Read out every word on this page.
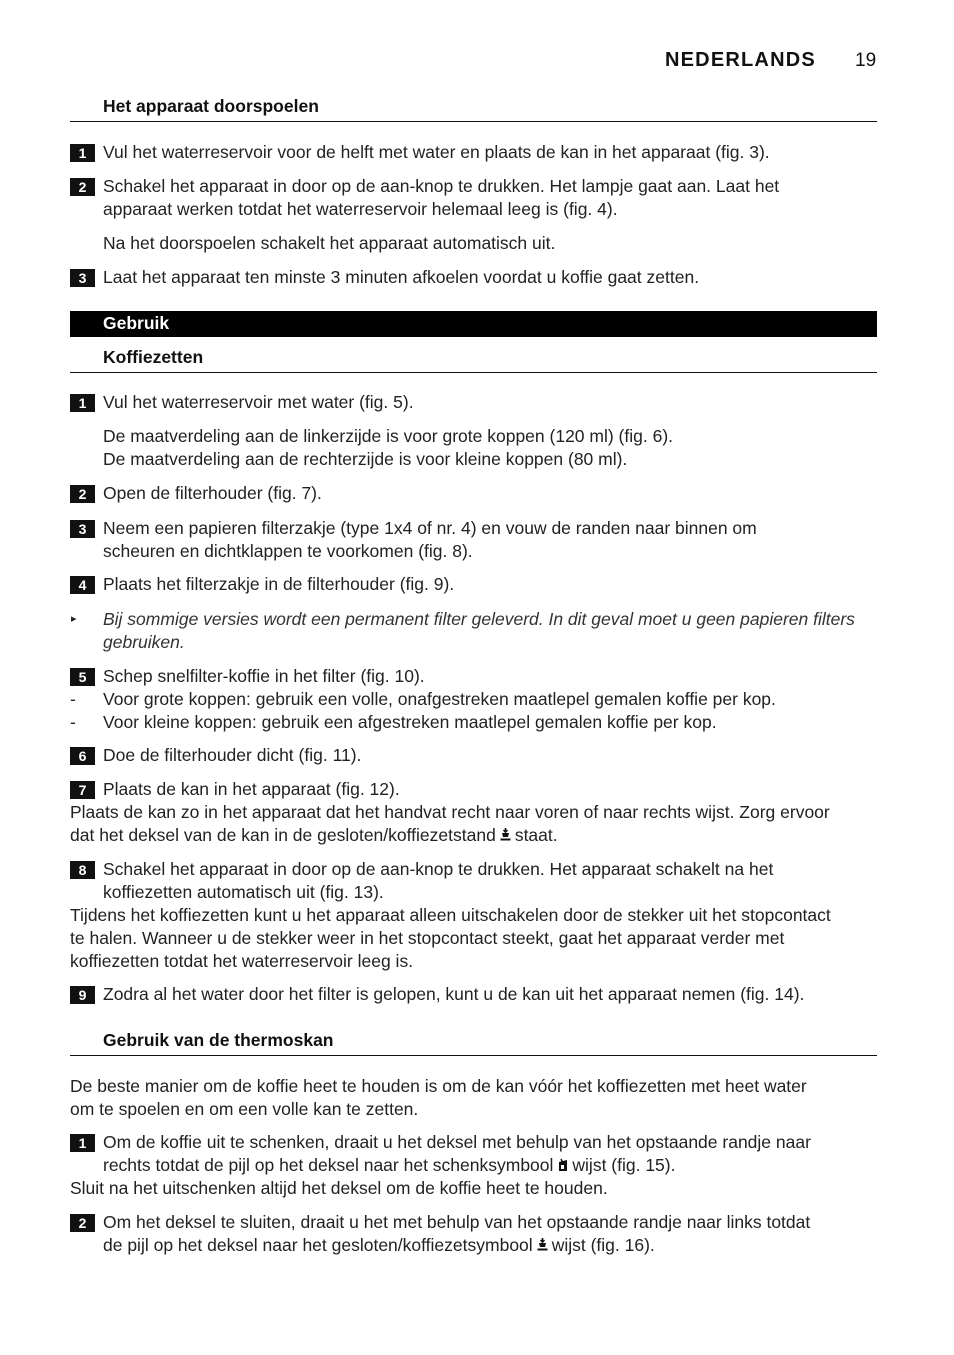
NEDERLANDS 19
Het apparaat doorspoelen
1 Vul het waterreservoir voor de helft met water en plaats de kan in het apparaat (fig. 3).
2 Schakel het apparaat in door op de aan-knop te drukken. Het lampje gaat aan. Laat het
apparaat werken totdat het waterreservoir helemaal leeg is (fig. 4).
Na het doorspoelen schakelt het apparaat automatisch uit.
3 Laat het apparaat ten minste 3 minuten afkoelen voordat u koffie gaat zetten.
Gebruik
Koffiezetten
1 Vul het waterreservoir met water (fig. 5).
De maatverdeling aan de linkerzijde is voor grote koppen (120 ml) (fig. 6).
De maatverdeling aan de rechterzijde is voor kleine koppen (80 ml).
2 Open de filterhouder (fig. 7).
3 Neem een papieren filterzakje (type 1x4 of nr. 4) en vouw de randen naar binnen om
scheuren en dichtklappen te voorkomen (fig. 8).
4 Plaats het filterzakje in de filterhouder (fig. 9).
▸ Bij sommige versies wordt een permanent filter geleverd. In dit geval moet u geen papieren filters
gebruiken.
5 Schep snelfilter-koffie in het filter (fig. 10).
- Voor grote koppen: gebruik een volle, onafgestreken maatlepel gemalen koffie per kop.
- Voor kleine koppen: gebruik een afgestreken maatlepel gemalen koffie per kop.
6 Doe de filterhouder dicht (fig. 11).
7 Plaats de kan in het apparaat (fig. 12).
Plaats de kan zo in het apparaat dat het handvat recht naar voren of naar rechts wijst. Zorg ervoor
dat het deksel van de kan in de gesloten/koffiezetstand staat.
8 Schakel het apparaat in door op de aan-knop te drukken. Het apparaat schakelt na het
koffiezetten automatisch uit (fig. 13).
Tijdens het koffiezetten kunt u het apparaat alleen uitschakelen door de stekker uit het stopcontact
te halen. Wanneer u de stekker weer in het stopcontact steekt, gaat het apparaat verder met
koffiezetten totdat het waterreservoir leeg is.
9 Zodra al het water door het filter is gelopen, kunt u de kan uit het apparaat nemen (fig. 14).
Gebruik van de thermoskan
De beste manier om de koffie heet te houden is om de kan vóór het koffiezetten met heet water
om te spoelen en om een volle kan te zetten.
1 Om de koffie uit te schenken, draait u het deksel met behulp van het opstaande randje naar
rechts totdat de pijl op het deksel naar het schenksymbool wijst (fig. 15).
Sluit na het uitschenken altijd het deksel om de koffie heet te houden.
2 Om het deksel te sluiten, draait u het met behulp van het opstaande randje naar links totdat
de pijl op het deksel naar het gesloten/koffiezetsymbool wijst (fig. 16).
